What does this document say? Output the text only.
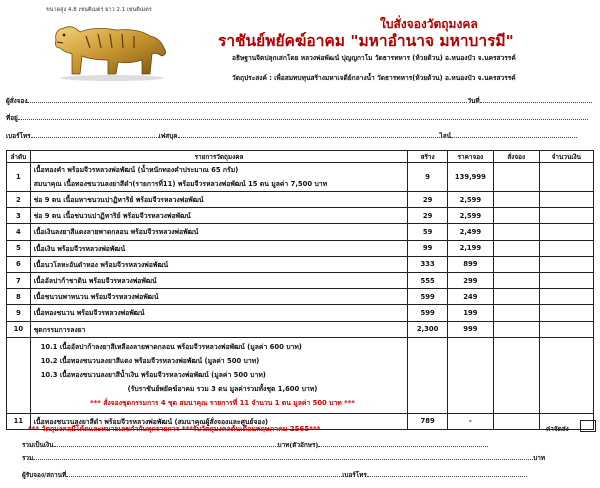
ขนาดสูง 4.8 เซนติเมตร ยาว 2.1 เซนติเมตร
ใบสั่งจองวัตถุมงคล
ราชันย์พยัคฆ์อาคม "มหาอำนาจ มหาบารมี"
อธิษฐานจิตปลุกเสกโดย หลวงพ่อพัฒน์ ปุญญกาโม วัดธารทหาร (ห้วยด้วน) อ.หนองบัว จ.นครสวรรค์
วัตถุประสงค์ : เพื่อสมทบทุนสร้างมหาเจดีย์กลางน้ำ วัดธารทหาร(ห้วยด้วน) อ.หนองบัว จ.นครสวรรค์
ผู้สั่งจอง	วันที่
ที่อยู่
เบอร์โทร	เฟสบุค	ไลน์
ลำดับ	รายการวัตถุมงคล	สร้าง	ราคาจอง	สั่งจอง	จำนวนเงิน
1	เนื้อทองคำ พร้อมจีวรหลวงพ่อพัฒน์ (น้ำหนักทองคำประมาณ 65 กรัม)
สมนาคุณ เนื้อทองชนวนลงยาสีดำ(รายการที่11) พร้อมจีวรหลวงพ่อพัฒน์ 15 ตน มูลค่า 7,500 บาท	9	139,999		
2	ช่อ 9 ตน เนื้อมหาชนวนปาฏิหาริย์ พร้อมจีวรหลวงพ่อพัฒน์	29	2,599		
3	ช่อ 9 ตน เนื้อชนวนปาฏิหาริย์ พร้อมจีวรหลวงพ่อพัฒน์	29	2,599		
4	เนื้อเงินลงยาสีแดงลายพาดกลอน พร้อมจีวรหลวงพ่อพัฒน์	59	2,499		
5	เนื้อเงิน พร้อมจีวรหลวงพ่อพัฒน์	99	2,199		
6	เนื้อนวโลหะอันดำหอง พร้อมจีวรหลวงพ่อพัฒน์	333	899		
7	เนื้ออัลปาก้าชาดิน พร้อมจีวรหลวงพ่อพัฒน์	555	299		
8	เนื้อชนวนพาหนวน พร้อมจีวรหลวงพ่อพัฒน์	599	249		
9	เนื้อทองชนวน พร้อมจีวรหลวงพ่อพัฒน์	599	199		
10	ชุดกรรมการลงยา	2,300	999		

	10.1 เนื้ออัลปาก้าลงยาสีเหลืองลายพาดกลอน พร้อมจีวรหลวงพ่อพัฒน์ (มูลค่า 600 บาท)
10.2 เนื้อทองชนวนลงยาสีแดง พร้อมจีวรหลวงพ่อพัฒน์ (มูลค่า 500 บาท)
10.3 เนื้อทองชนวนลงยาสีน้ำเงิน พร้อมจีวรหลวงพ่อพัฒน์ (มูลค่า 500 บาท)
(รับราชันย์พยัคฆ์อาคม รวม 3 ตน มูลค่ารวมทั้งชุด 1,600 บาท)
*** สั่งจองชุดกรรมการ 4 ชุด สมนาคุณ รายการที่ 11 จำนวน 1 ตน มูลค่า 500 บาท ***				

11	เนื้อทองชนวนลงยาสีดำ พร้อมจีวรหลวงพ่อพัฒน์ (สมนาคุณผู้สั่งจองและศูนย์จอง)	789	-		
*** วัตถุมงคลมีโค้ดและหมายเลขกำกับทุกรายการ ***รับวัตถุมงคลต้นเดือนพฤษภาคม 2565***	ค่าจัดส่ง
รวมเป็นเงิน	บาท(ตัวอักษร)
รวม	บาท
ผู้รับจอง/สถานที่	เบอร์โทร
